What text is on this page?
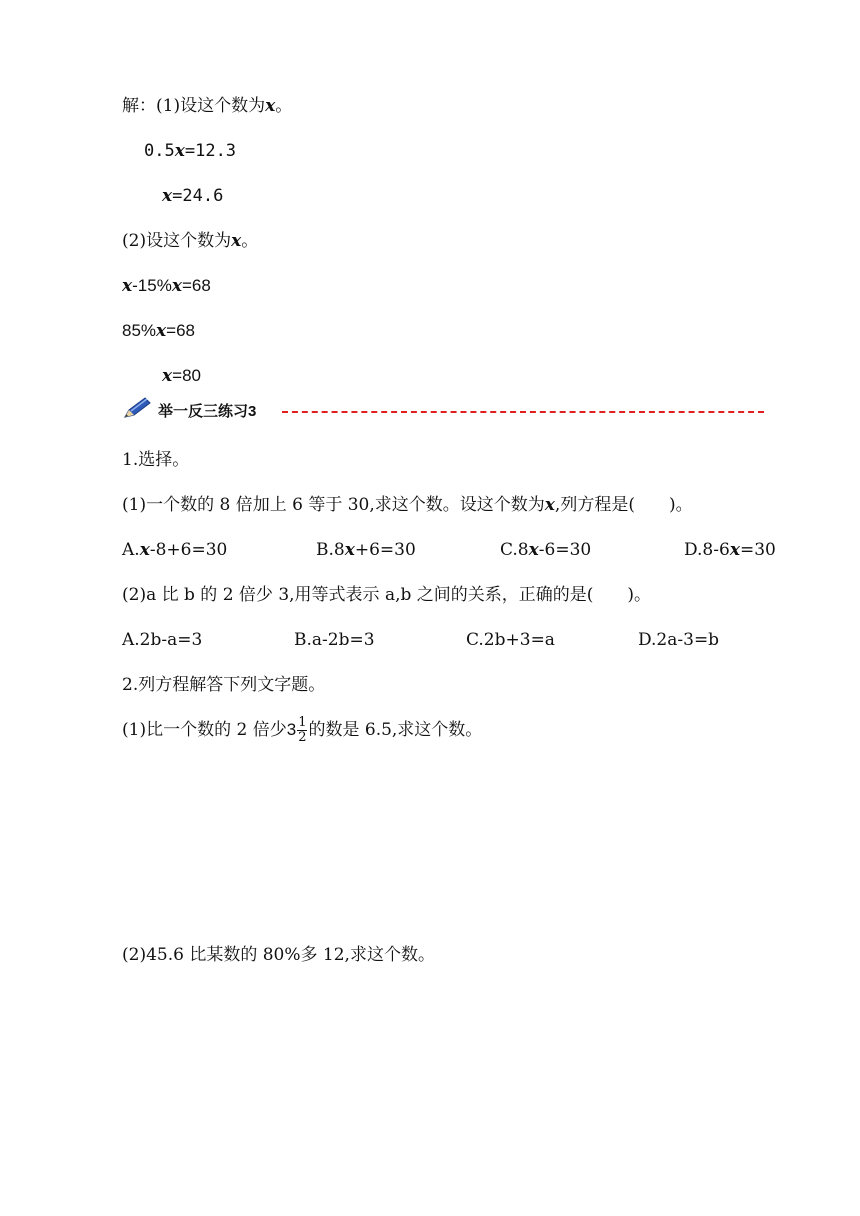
解：(1)设这个数为x。
0.5x=12.3
x=24.6
(2)设这个数为x。
x-15%x=68
85%x=68
x=80
举一反三练习3
1.选择。
(1)一个数的 8 倍加上 6 等于 30,求这个数。设这个数为x,列方程是(　　)。
A.x-8+6=30	B.8x+6=30	C.8x-6=30	D.8-6x=30
(2)a 比 b 的 2 倍少 3,用等式表示 a,b 之间的关系，正确的是(　　)。
A.2b-a=3	B.a-2b=3	C.2b+3=a	D.2a-3=b
2.列方程解答下列文字题。
(1)比一个数的 2 倍少$3 \frac{1}{2}$ 的数是 6.5,求这个数。
(2)45.6 比某数的 80%多 12,求这个数。
